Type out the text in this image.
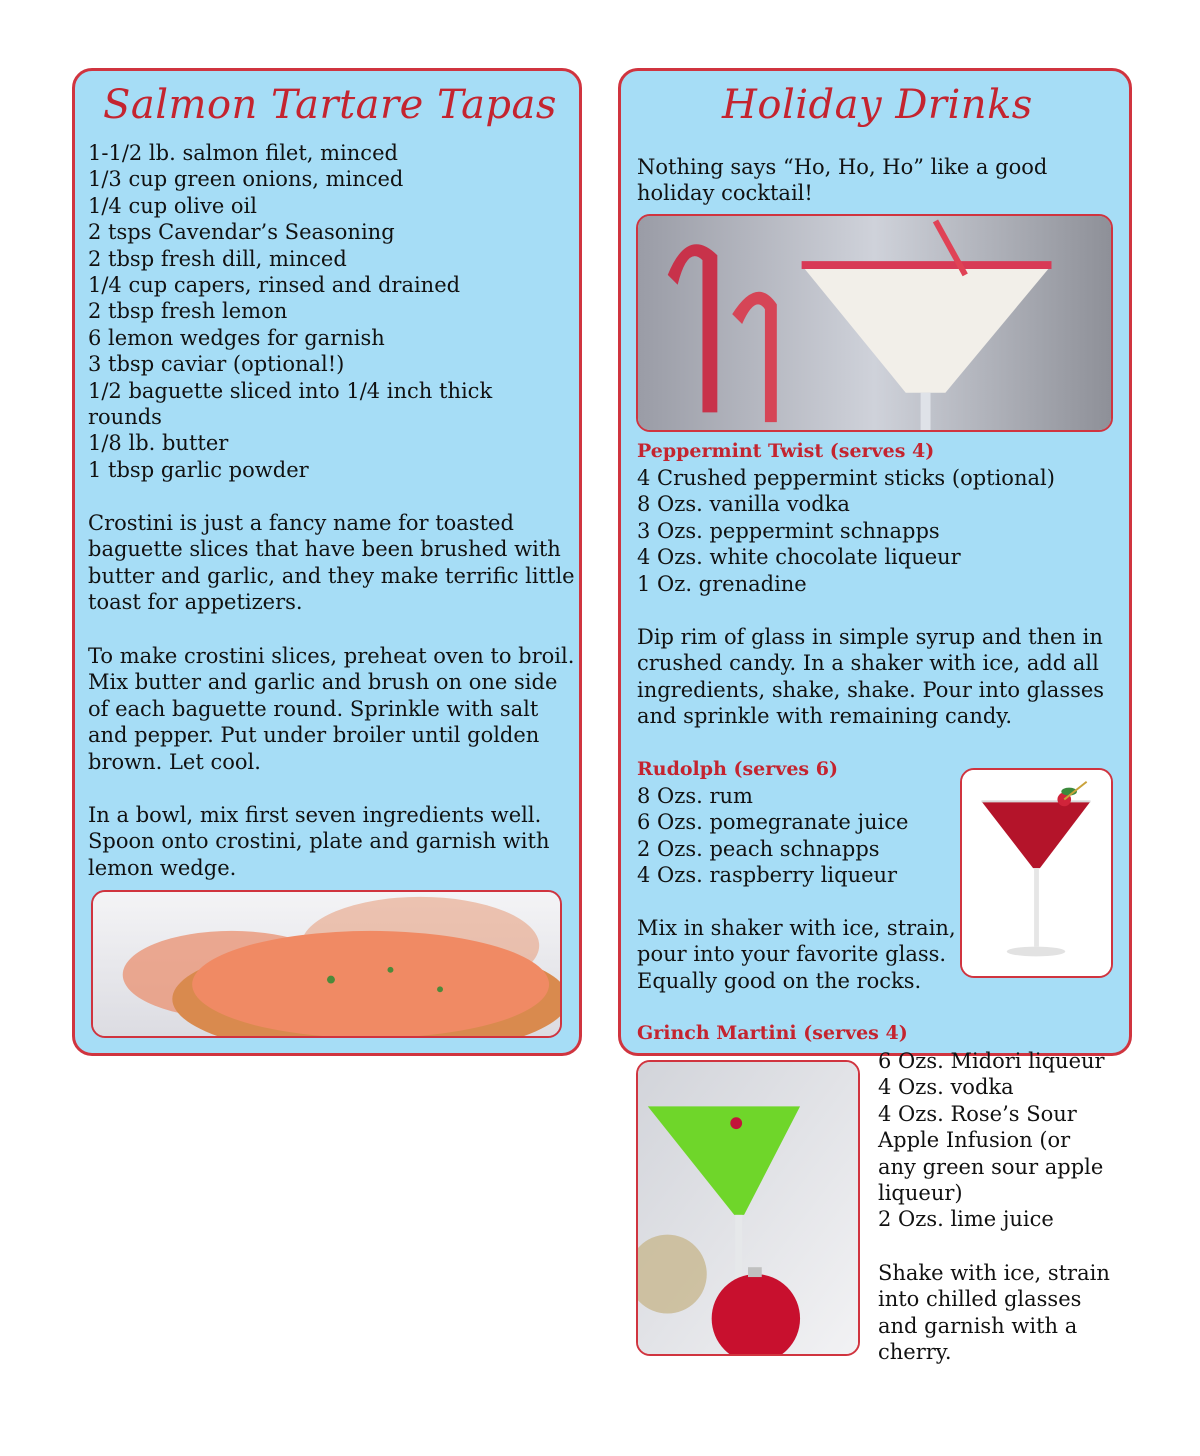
Salmon Tartare Tapas
1-1/2 lb. salmon filet, minced
1/3 cup green onions, minced
1/4 cup olive oil
2 tsps Cavendar’s Seasoning
2 tbsp fresh dill, minced
1/4 cup capers, rinsed and drained
2 tbsp fresh lemon
6 lemon wedges for garnish
3 tbsp caviar (optional!)
1/2 baguette sliced into 1/4 inch thick
rounds
1/8 lb. butter
1 tbsp garlic powder
Crostini is just a fancy name for toasted
baguette slices that have been brushed with
butter and garlic, and they make terrific little
toast for appetizers.
To make crostini slices, preheat oven to broil.
Mix butter and garlic and brush on one side
of each baguette round. Sprinkle with salt
and pepper. Put under broiler until golden
brown. Let cool.
In a bowl, mix first seven ingredients well.
Spoon onto crostini, plate and garnish with
lemon wedge.
Holiday Drinks
Nothing says “Ho, Ho, Ho” like a good
holiday cocktail!
Peppermint Twist (serves 4)
4 Crushed peppermint sticks (optional)
8 Ozs. vanilla vodka
3 Ozs. peppermint schnapps
4 Ozs. white chocolate liqueur
1 Oz. grenadine
Dip rim of glass in simple syrup and then in
crushed candy. In a shaker with ice, add all
ingredients, shake, shake. Pour into glasses
and sprinkle with remaining candy.
Rudolph (serves 6)
8 Ozs. rum
6 Ozs. pomegranate juice
2 Ozs. peach schnapps
4 Ozs. raspberry liqueur
Mix in shaker with ice, strain,
pour into your favorite glass.
Equally good on the rocks.
Grinch Martini (serves 4)
6 Ozs. Midori liqueur
4 Ozs. vodka
4 Ozs. Rose’s Sour
Apple Infusion (or
any green sour apple
liqueur)
2 Ozs. lime juice
Shake with ice, strain
into chilled glasses
and garnish with a
cherry.
